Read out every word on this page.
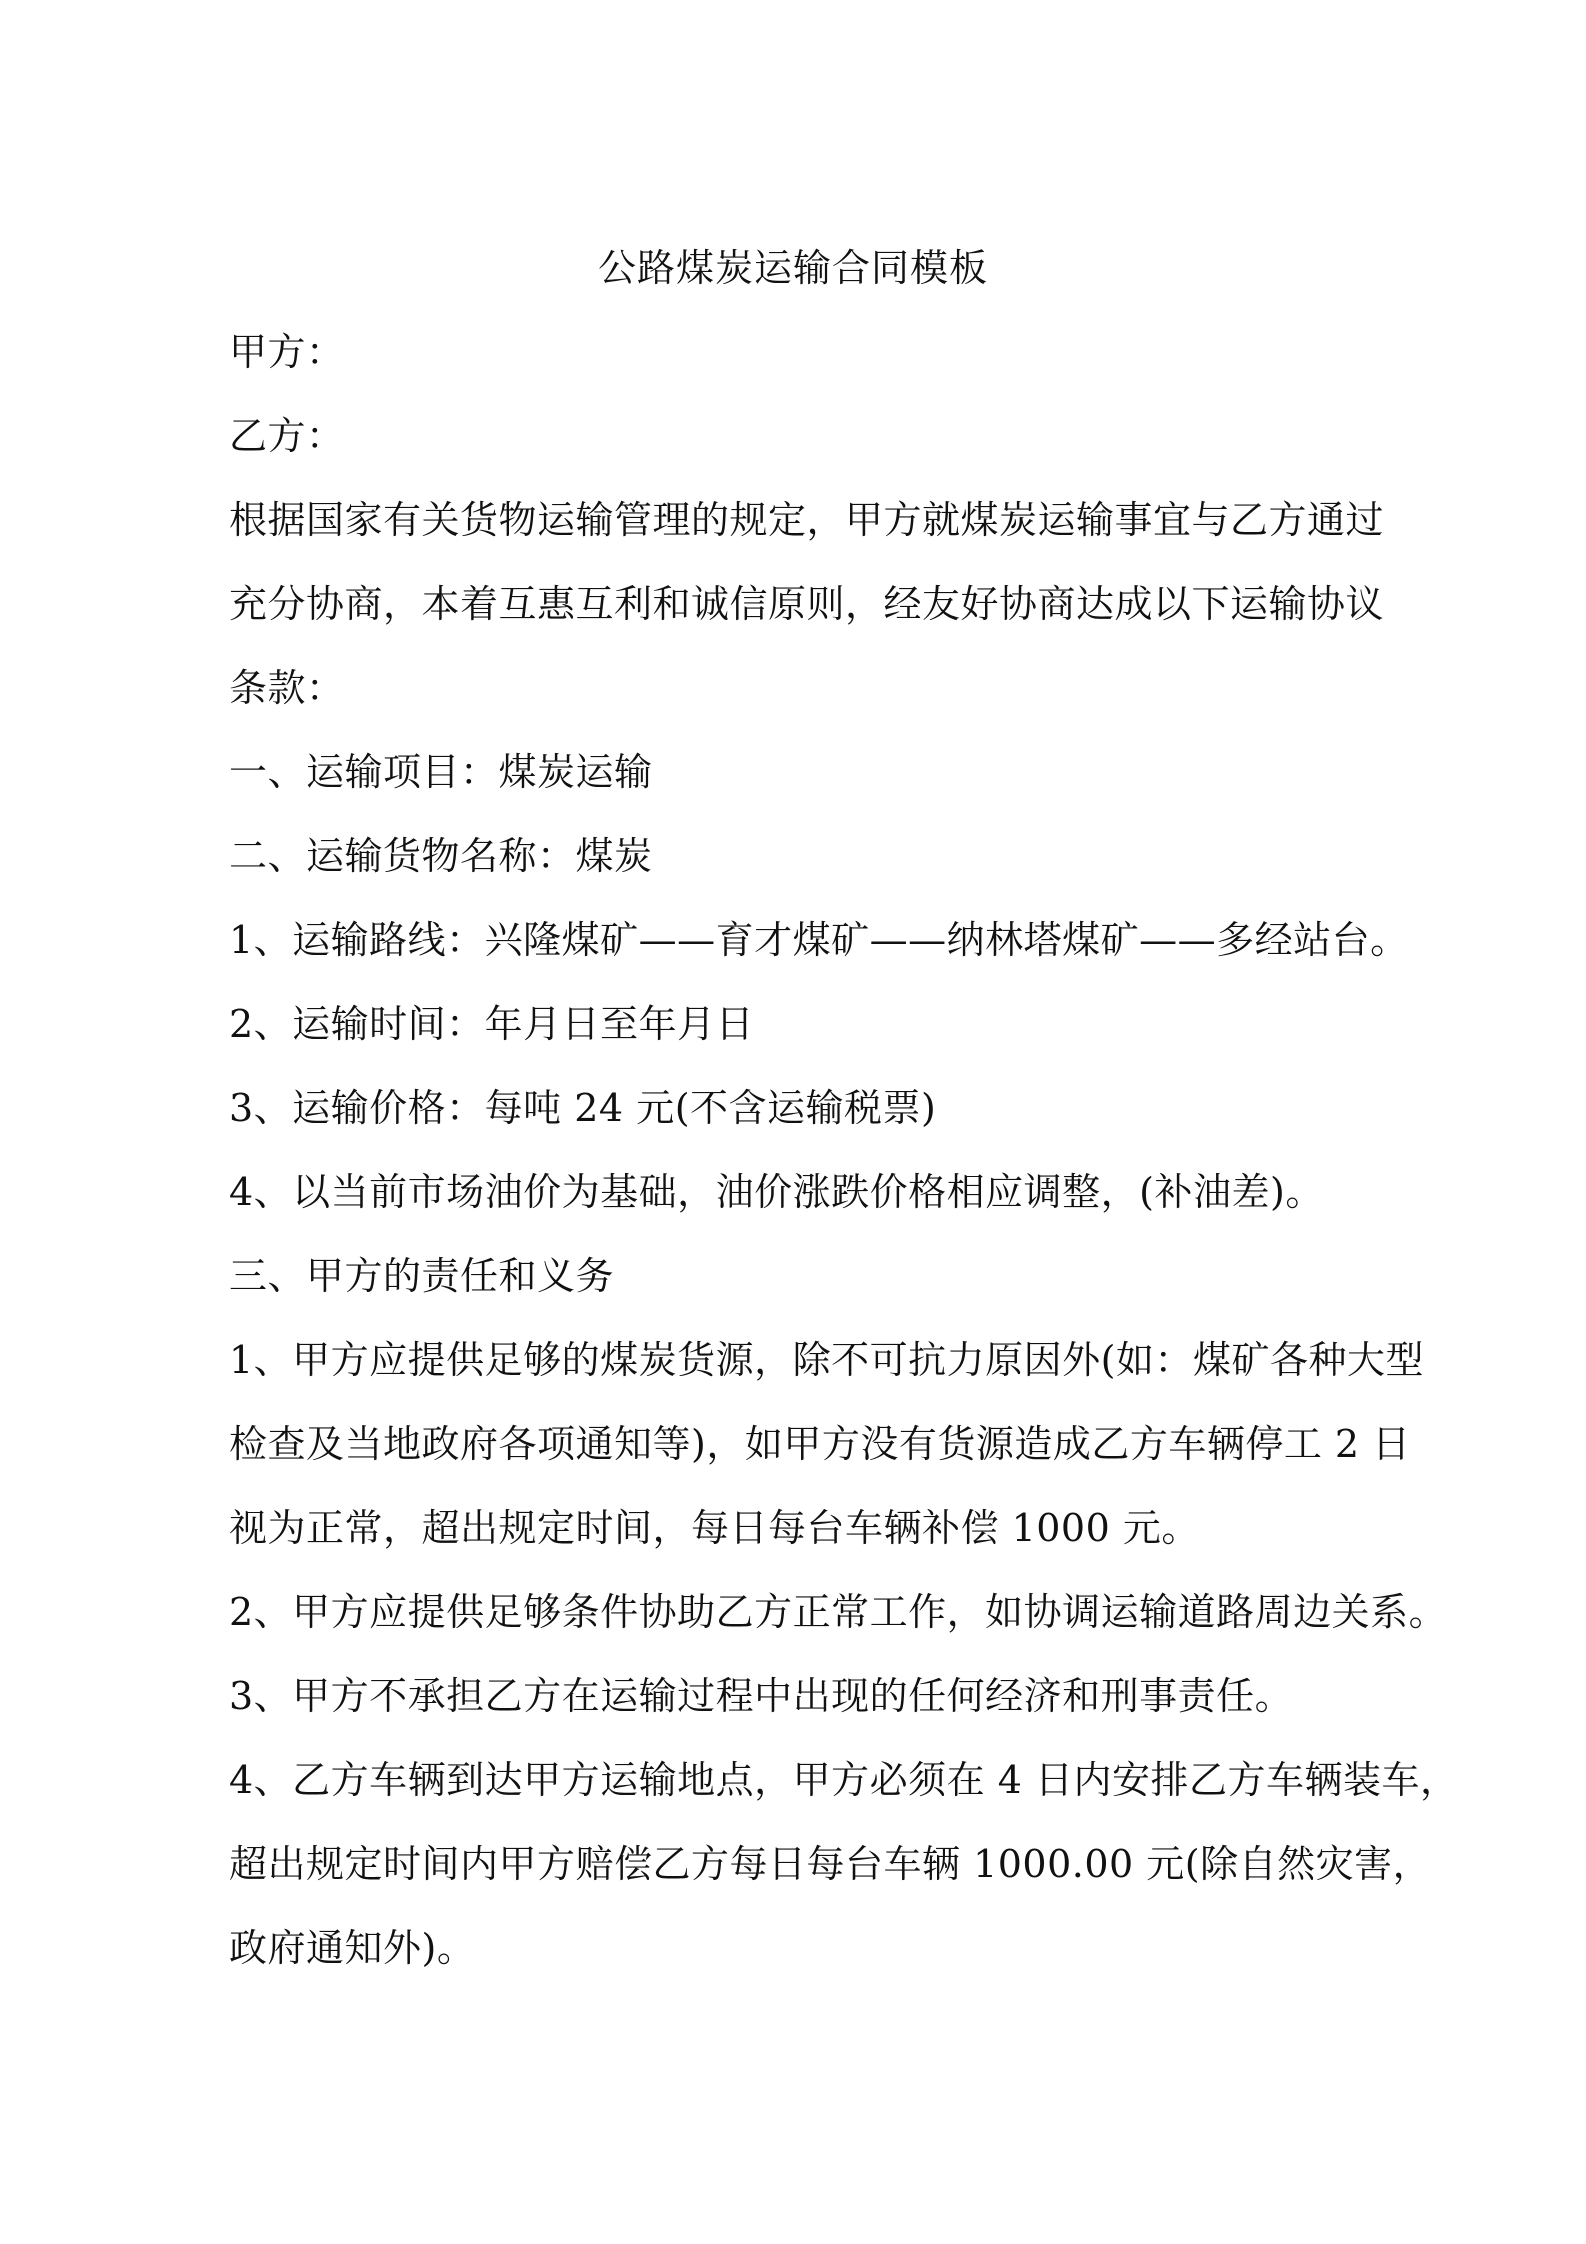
公路煤炭运输合同模板
甲方：
乙方：
根据国家有关货物运输管理的规定，甲方就煤炭运输事宜与乙方通过
充分协商，本着互惠互利和诚信原则，经友好协商达成以下运输协议
条款：
一、运输项目：煤炭运输
二、运输货物名称：煤炭
1、运输路线：兴隆煤矿——育才煤矿——纳林塔煤矿——多经站台。
2、运输时间：年月日至年月日
3、运输价格：每吨 24 元(不含运输税票)
4、以当前市场油价为基础，油价涨跌价格相应调整，(补油差)。
三、甲方的责任和义务
1、甲方应提供足够的煤炭货源，除不可抗力原因外(如：煤矿各种大型
检查及当地政府各项通知等)，如甲方没有货源造成乙方车辆停工 2 日
视为正常，超出规定时间，每日每台车辆补偿 1000 元。
2、甲方应提供足够条件协助乙方正常工作，如协调运输道路周边关系。
3、甲方不承担乙方在运输过程中出现的任何经济和刑事责任。
4、乙方车辆到达甲方运输地点，甲方必须在 4 日内安排乙方车辆装车，
超出规定时间内甲方赔偿乙方每日每台车辆 1000.00 元(除自然灾害，
政府通知外)。
